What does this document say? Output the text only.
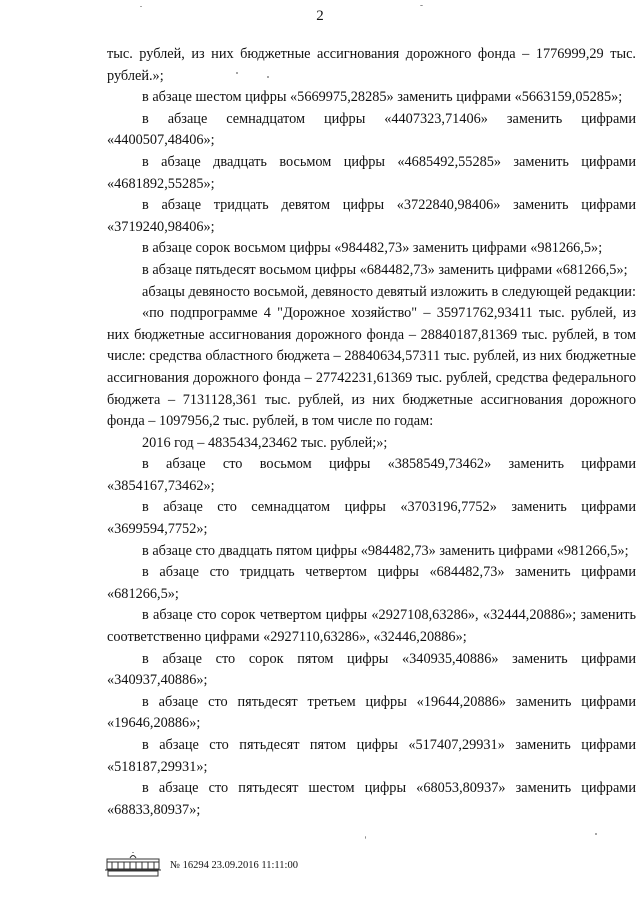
2

тыс. рублей, из них бюджетные ассигнования дорожного фонда – 1776999,29 тыс. рублей.»;

в абзаце шестом цифры «5669975,28285» заменить цифрами «5663159,05285»;

в абзаце семнадцатом цифры «4407323,71406» заменить цифрами «4400507,48406»;

в абзаце двадцать восьмом цифры «4685492,55285» заменить цифрами «4681892,55285»;

в абзаце тридцать девятом цифры «3722840,98406» заменить цифрами «3719240,98406»;

в абзаце сорок восьмом цифры «984482,73» заменить цифрами «981266,5»;

в абзаце пятьдесят восьмом цифры «684482,73» заменить цифрами «681266,5»;

абзацы девяносто восьмой, девяносто девятый изложить в следующей редакции:

«по подпрограмме 4 "Дорожное хозяйство" – 35971762,93411 тыс. рублей, из них бюджетные ассигнования дорожного фонда – 28840187,81369 тыс. рублей, в том числе: средства областного бюджета – 28840634,57311 тыс. рублей, из них бюджетные ассигнования дорожного фонда – 27742231,61369 тыс. рублей, средства федерального бюджета – 7131128,361 тыс. рублей, из них бюджетные ассигнования дорожного фонда – 1097956,2 тыс. рублей, в том числе по годам:

2016 год – 4835434,23462 тыс. рублей;»;

в абзаце сто восьмом цифры «3858549,73462» заменить цифрами «3854167,73462»;

в абзаце сто семнадцатом цифры «3703196,7752» заменить цифрами «3699594,7752»;

в абзаце сто двадцать пятом цифры «984482,73» заменить цифрами «981266,5»;

в абзаце сто тридцать четвертом цифры «684482,73» заменить цифрами «681266,5»;

в абзаце сто сорок четвертом цифры «2927108,63286», «32444,20886»; заменить соответственно цифрами «2927110,63286», «32446,20886»;

в абзаце сто сорок пятом цифры «340935,40886» заменить цифрами «340937,40886»;

в абзаце сто пятьдесят третьем цифры «19644,20886» заменить цифрами «19646,20886»;

в абзаце сто пятьдесят пятом цифры «517407,29931» заменить цифрами «518187,29931»;

в абзаце сто пятьдесят шестом цифры «68053,80937» заменить цифрами «68833,80937»;

№ 16294 23.09.2016 11:11:00
